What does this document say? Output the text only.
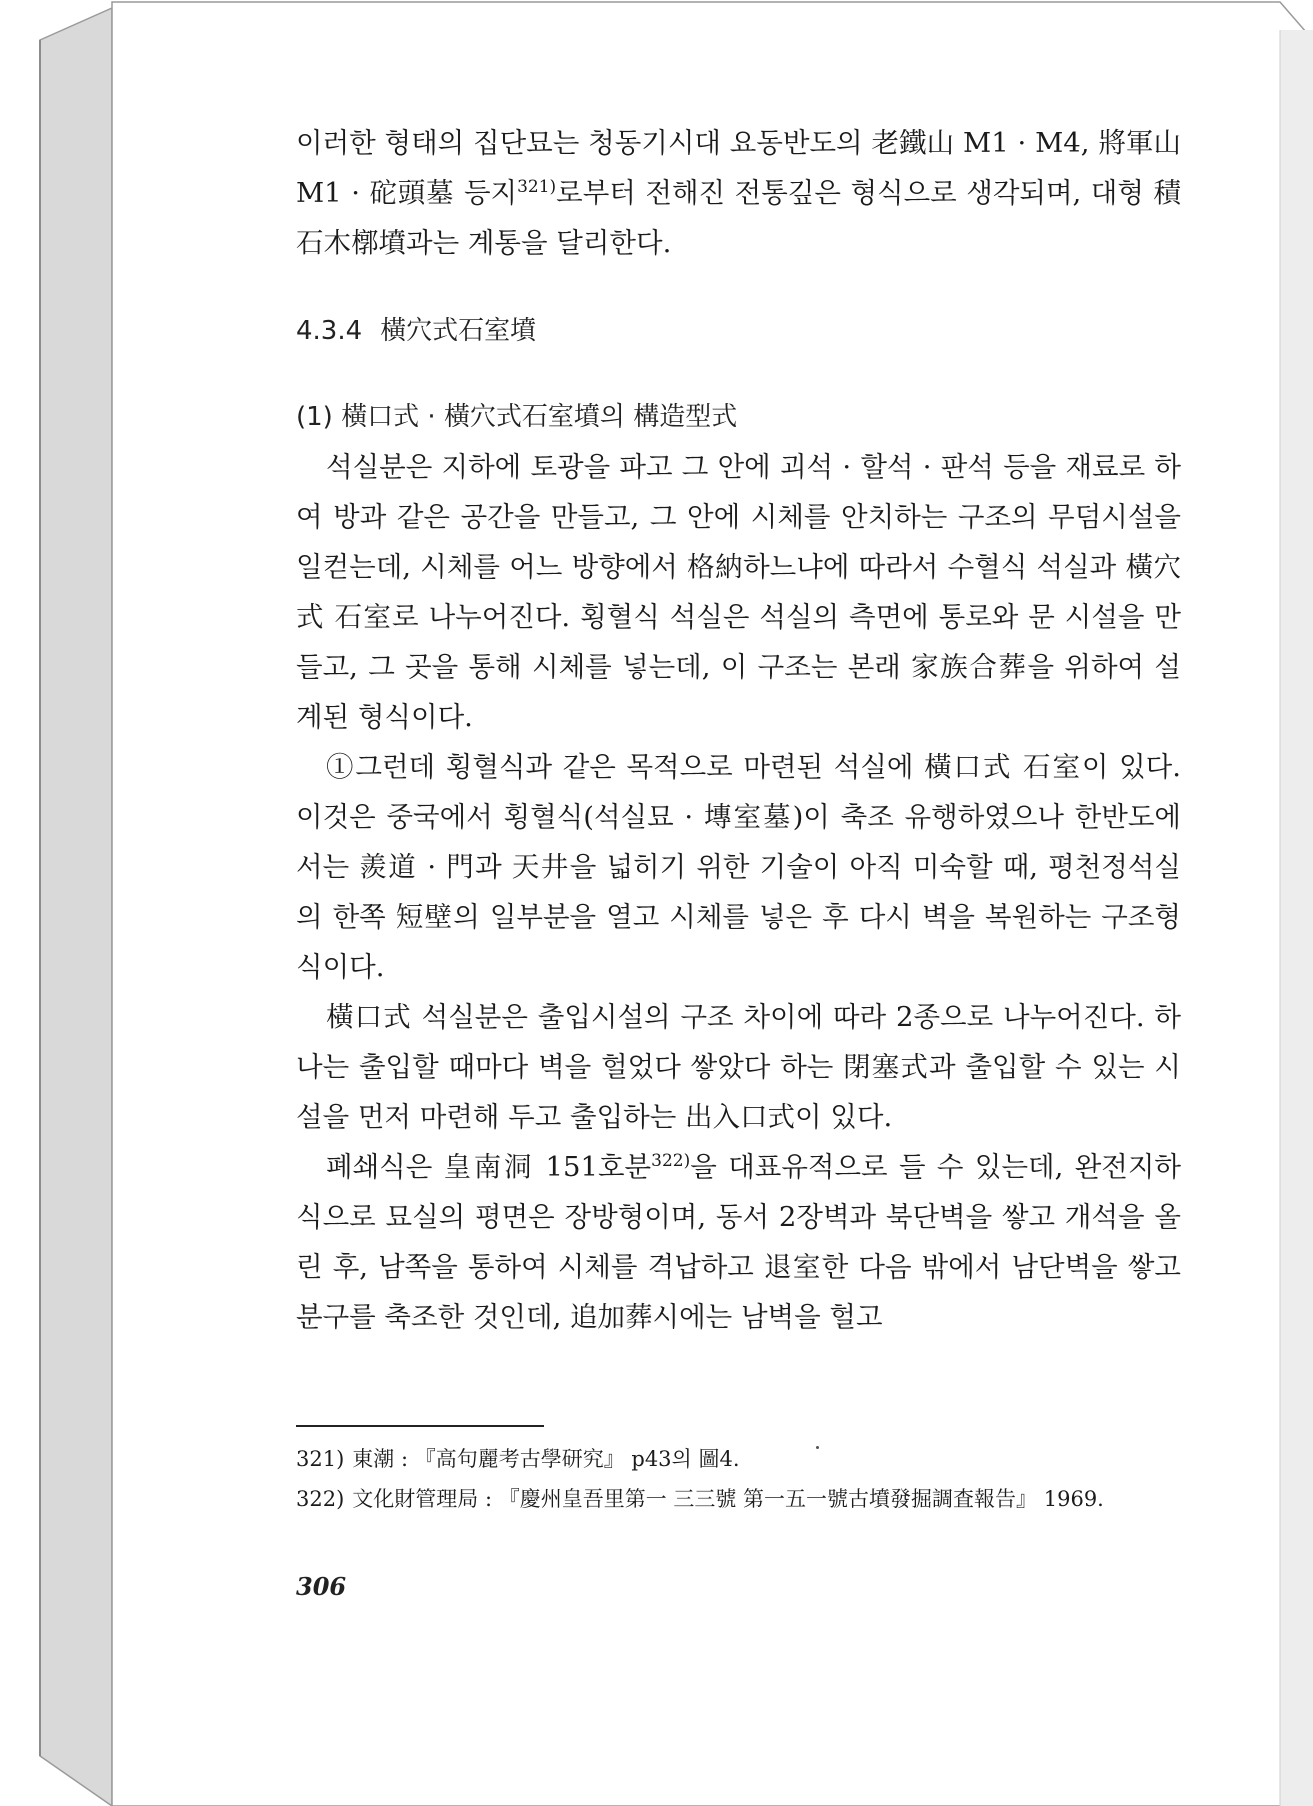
이러한 형태의 집단묘는 청동기시대 요동반도의 老鐵山 M1 · M4, 將軍山 M1 · 砣頭墓 등지$^{321)}$로부터 전해진 전통깊은 형식으로 생각되며, 대형 積石木槨墳과는 계통을 달리한다.

4.3.4 橫穴式石室墳

(1) 橫口式 · 橫穴式石室墳의 構造型式

석실분은 지하에 토광을 파고 그 안에 괴석 · 할석 · 판석 등을 재료로 하여 방과 같은 공간을 만들고, 그 안에 시체를 안치하는 구조의 무덤시설을 일컫는데, 시체를 어느 방향에서 格納하느냐에 따라서 수혈식 석실과 橫穴式 石室로 나누어진다. 횡혈식 석실은 석실의 측면에 통로와 문 시설을 만들고, 그 곳을 통해 시체를 넣는데, 이 구조는 본래 家族合葬을 위하여 설계된 형식이다.

①그런데 횡혈식과 같은 목적으로 마련된 석실에 橫口式 石室이 있다. 이것은 중국에서 횡혈식(석실묘 · 塼室墓)이 축조 유행하였으나 한반도에서는 羨道 · 門과 天井을 넓히기 위한 기술이 아직 미숙할 때, 평천정석실의 한쪽 短壁의 일부분을 열고 시체를 넣은 후 다시 벽을 복원하는 구조형식이다.

橫口式 석실분은 출입시설의 구조 차이에 따라 2종으로 나누어진다. 하나는 출입할 때마다 벽을 헐었다 쌓았다 하는 閉塞式과 출입할 수 있는 시설을 먼저 마련해 두고 출입하는 出入口式이 있다.

폐쇄식은 皇南洞 151호분$^{322)}$을 대표유적으로 들 수 있는데, 완전지하식으로 묘실의 평면은 장방형이며, 동서 2장벽과 북단벽을 쌓고 개석을 올린 후, 남쪽을 통하여 시체를 격납하고 退室한 다음 밖에서 남단벽을 쌓고 분구를 축조한 것인데, 追加葬시에는 남벽을 헐고

321) 東潮 : 『高句麗考古學研究』 p43의 圖4.

322) 文化財管理局 : 『慶州皇吾里第一 三三號 第一五一號古墳發掘調査報告』 1969.

306
